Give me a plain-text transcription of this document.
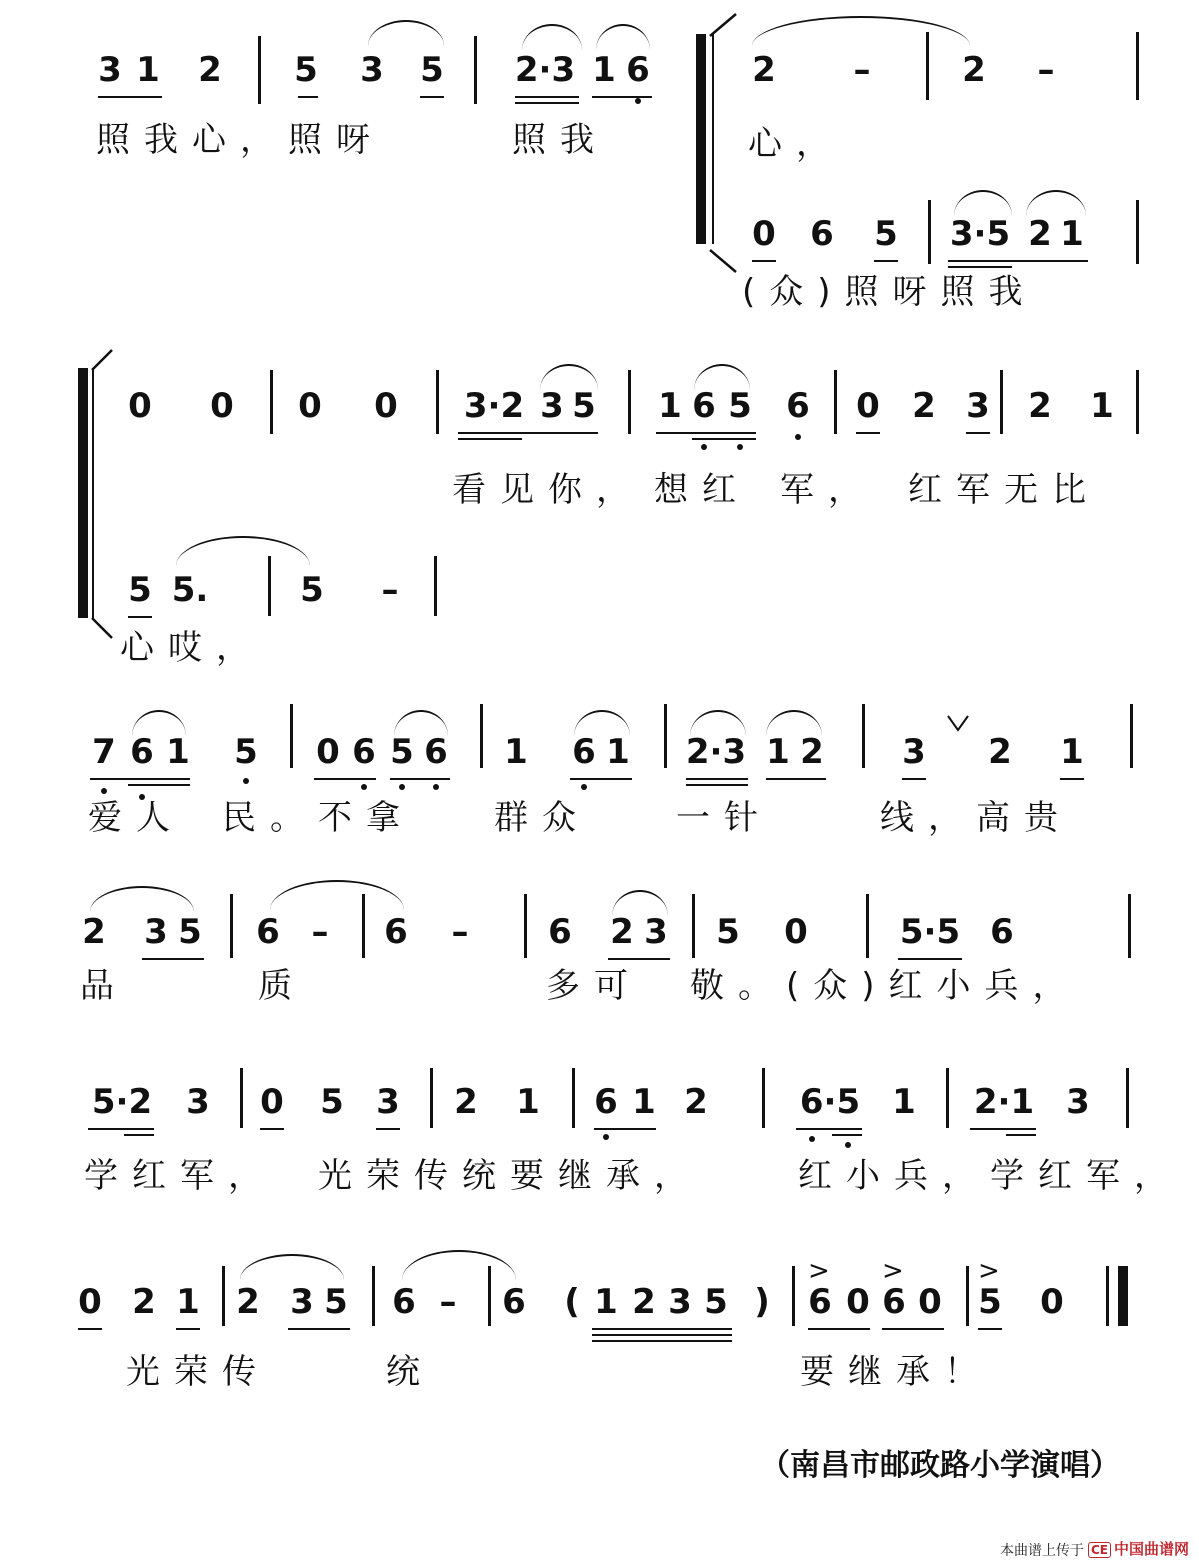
3 1 2 5 3 5 2·3 1 6
照我心，照呀	照我
2	–	2	–
心，
0 6 5 3·5 2 1
(众)照呀照我
0 0 0 0 3·2 3 5 1 6 5 6 0 2 3 2 1
看见你， 想红 军， 红军无比
5 5.	5	–
心哎，
7 6 1 5 0 6 5 6 1 6 1 2·3 1 2 3 2 1
爱人 民。不拿 群众	一针	线，高贵
2 3 5 6 –	6	–	6 2 3 5 0	5·5 6
品	质	多可 敬。(众)红小兵，
5·2 3 0 5 3 2 1 6 1 2	6·5 1 2·1 3
学红军， 光荣传统要继承，	红小兵，学红军，
0 2 1 2 3 5 6 –	6	( 1 2 3 5 )	6 0 6 0
> >
5 0
>
光荣传	统	要继承！
（南昌市邮政路小学演唱）
本曲谱上传于 CE 中国曲谱网
